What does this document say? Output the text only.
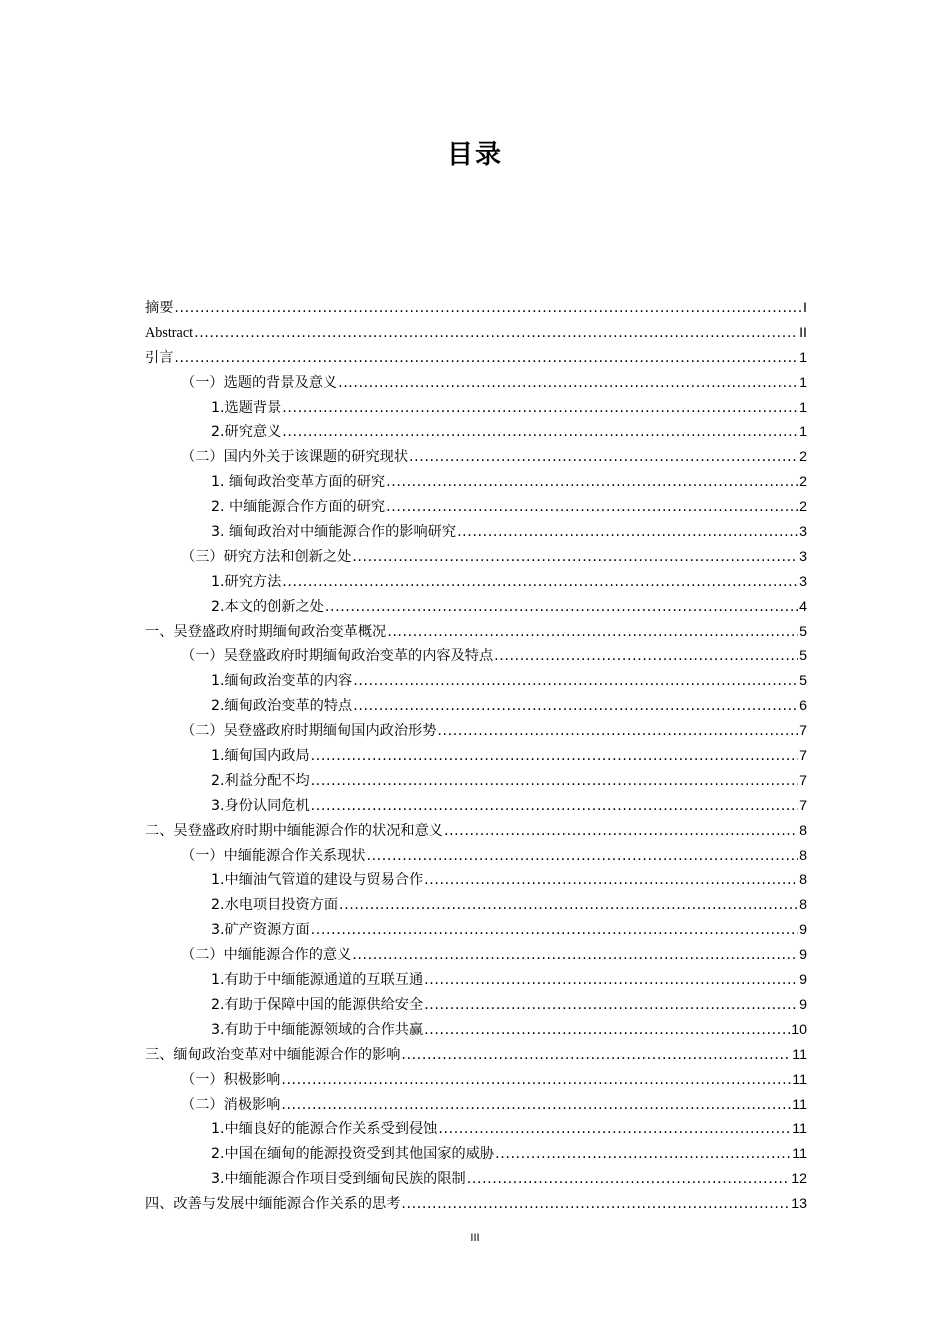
目录
摘要 .....	I
Abstract .....	II
引言 .....	1
（一）选题的背景及意义 .....	1
1.选题背景 .....	1
2.研究意义 .....	1
（二）国内外关于该课题的研究现状 .....	2
1. 缅甸政治变革方面的研究 .....	2
2. 中缅能源合作方面的研究 .....	2
3. 缅甸政治对中缅能源合作的影响研究 .....	3
（三）研究方法和创新之处 .....	3
1.研究方法 .....	3
2.本文的创新之处 .....	4
一、吴登盛政府时期缅甸政治变革概况 .....	5
（一）吴登盛政府时期缅甸政治变革的内容及特点 .....	5
1.缅甸政治变革的内容 .....	5
2.缅甸政治变革的特点 .....	6
（二）吴登盛政府时期缅甸国内政治形势 .....	7
1.缅甸国内政局 .....	7
2.利益分配不均 .....	7
3.身份认同危机 .....	7
二、吴登盛政府时期中缅能源合作的状况和意义 .....	8
（一）中缅能源合作关系现状 .....	8
1.中缅油气管道的建设与贸易合作 .....	8
2.水电项目投资方面 .....	8
3.矿产资源方面 .....	9
（二）中缅能源合作的意义 .....	9
1.有助于中缅能源通道的互联互通 .....	9
2.有助于保障中国的能源供给安全 .....	9
3.有助于中缅能源领域的合作共赢 .....	10
三、缅甸政治变革对中缅能源合作的影响 .....	11
（一）积极影响 .....	11
（二）消极影响 .....	11
1.中缅良好的能源合作关系受到侵蚀 .....	11
2.中国在缅甸的能源投资受到其他国家的威胁 .....	11
3.中缅能源合作项目受到缅甸民族的限制 .....	12
四、改善与发展中缅能源合作关系的思考 .....	13
III
